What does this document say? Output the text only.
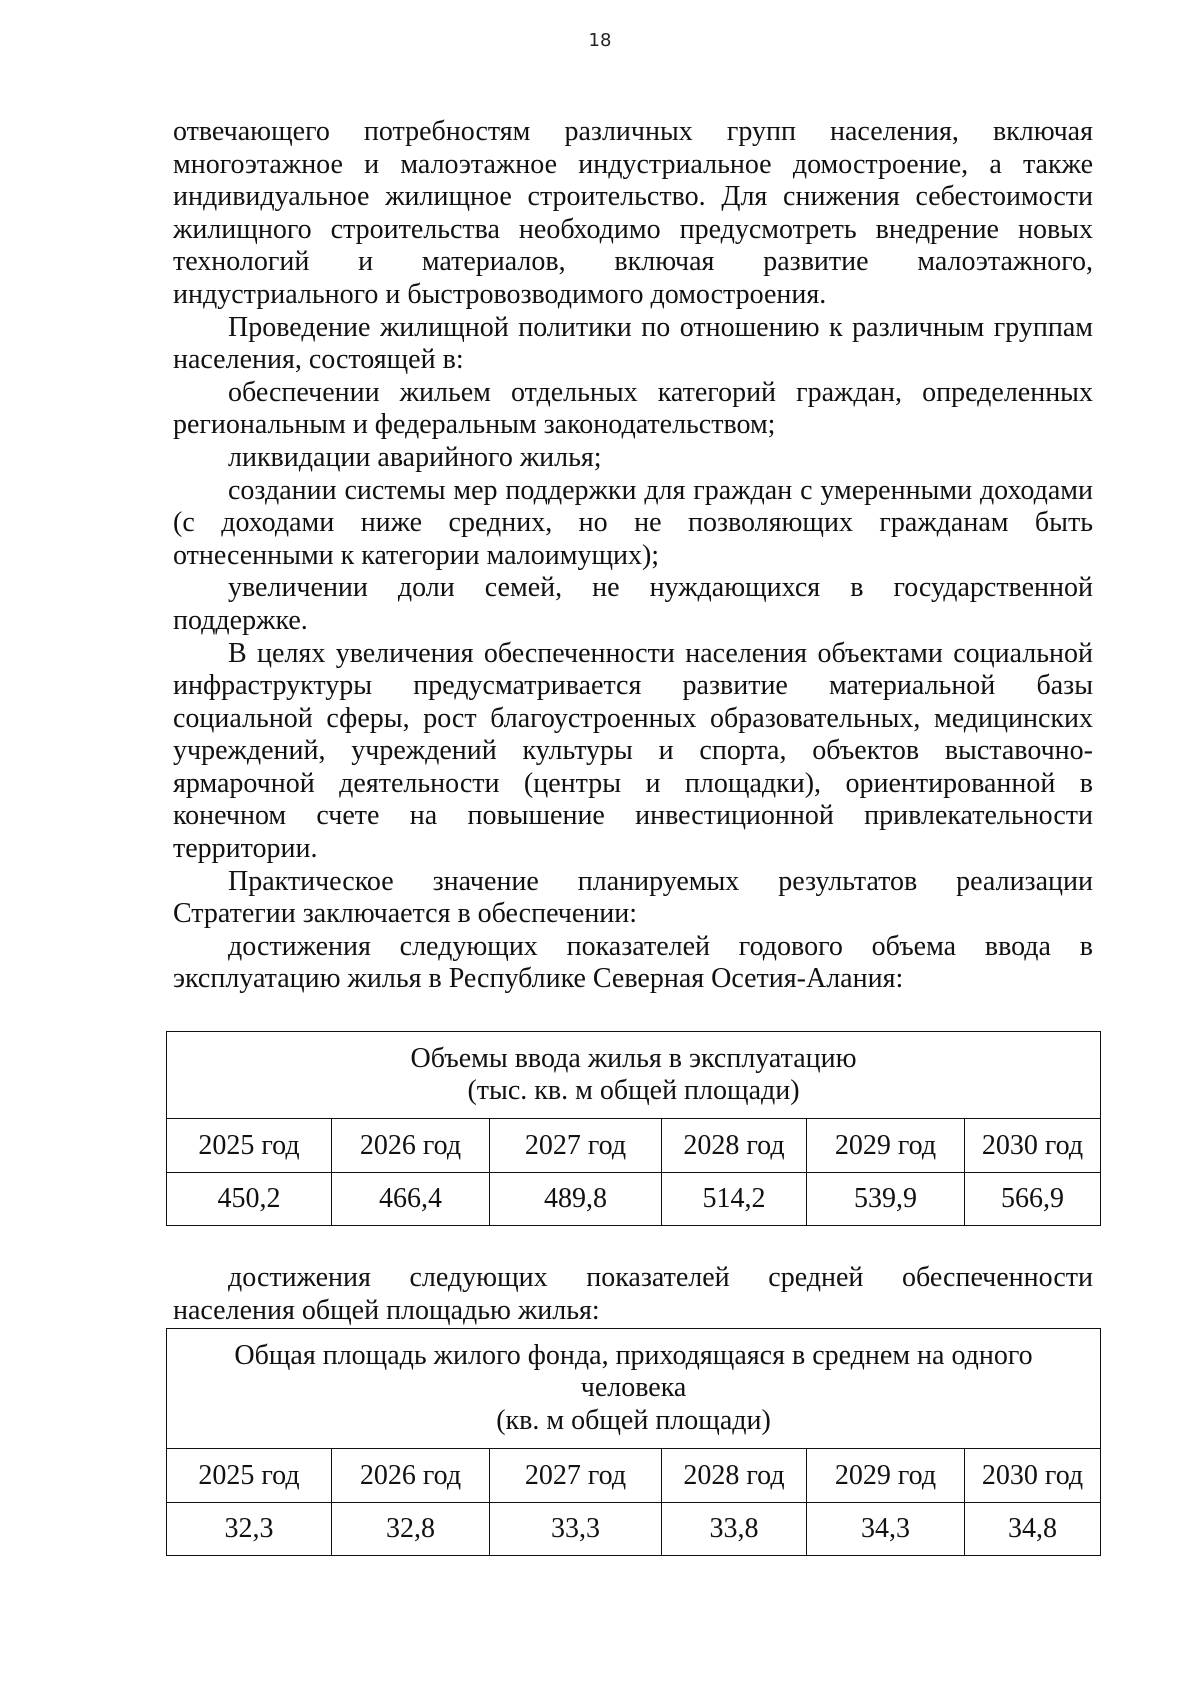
18

отвечающего потребностям различных групп населения, включая многоэтажное и малоэтажное индустриальное домостроение, а также индивидуальное жилищное строительство. Для снижения себестоимости жилищного строительства необходимо предусмотреть внедрение новых технологий и материалов, включая развитие малоэтажного, индустриального и быстровозводимого домостроения.

Проведение жилищной политики по отношению к различным группам населения, состоящей в:

обеспечении жильем отдельных категорий граждан, определенных региональным и федеральным законодательством;

ликвидации аварийного жилья;

создании системы мер поддержки для граждан с умеренными доходами (с доходами ниже средних, но не позволяющих гражданам быть отнесенными к категории малоимущих);

увеличении доли семей, не нуждающихся в государственной поддержке.

В целях увеличения обеспеченности населения объектами социальной инфраструктуры предусматривается развитие материальной базы социальной сферы, рост благоустроенных образовательных, медицинских учреждений, учреждений культуры и спорта, объектов выставочно-ярмарочной деятельности (центры и площадки), ориентированной в конечном счете на повышение инвестиционной привлекательности территории.

Практическое значение планируемых результатов реализации Стратегии заключается в обеспечении:

достижения следующих показателей годового объема ввода в эксплуатацию жилья в Республике Северная Осетия-Алания:

Объемы ввода жилья в эксплуатацию
(тыс. кв. м общей площади)					

2025 год	2026 год	2027 год	2028 год	2029 год	2030 год
450,2	466,4	489,8	514,2	539,9	566,9

достижения следующих показателей средней обеспеченности населения общей площадью жилья:

Общая площадь жилого фонда, приходящаяся в среднем на одного
человека
(кв. м общей площади)					

2025 год	2026 год	2027 год	2028 год	2029 год	2030 год
32,3	32,8	33,3	33,8	34,3	34,8
